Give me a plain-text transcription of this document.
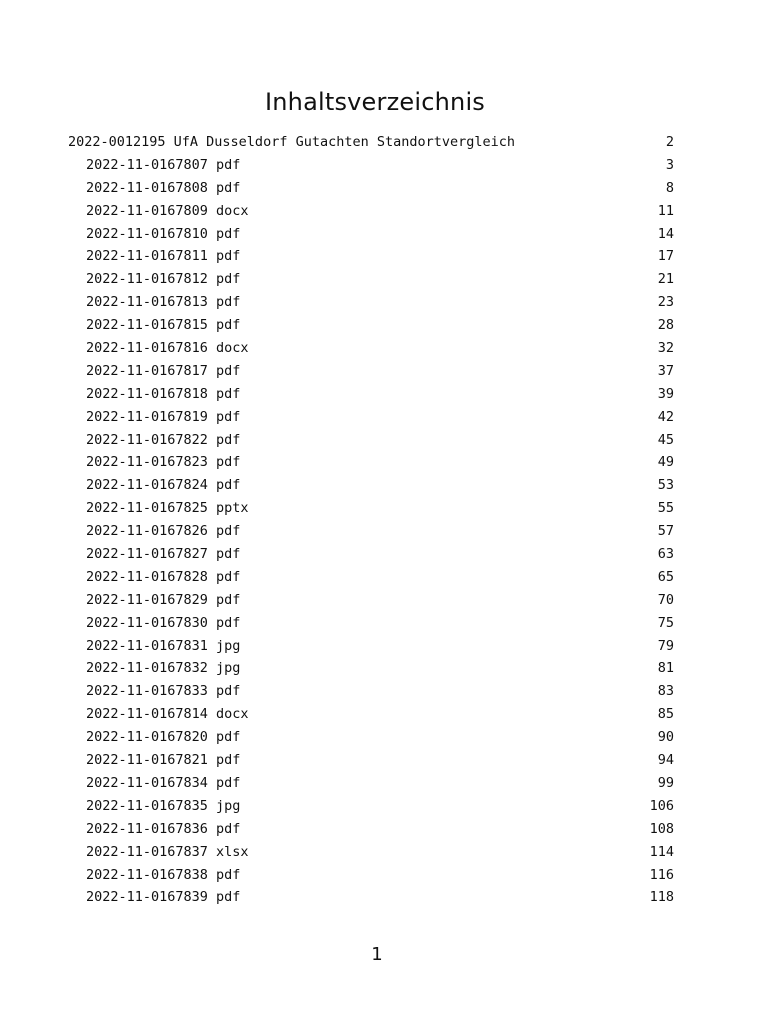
Inhaltsverzeichnis
2022-0012195 UfA Dusseldorf Gutachten Standortvergleich	2
2022-11-0167807 pdf	3
2022-11-0167808 pdf	8
2022-11-0167809 docx	11
2022-11-0167810 pdf	14
2022-11-0167811 pdf	17
2022-11-0167812 pdf	21
2022-11-0167813 pdf	23
2022-11-0167815 pdf	28
2022-11-0167816 docx	32
2022-11-0167817 pdf	37
2022-11-0167818 pdf	39
2022-11-0167819 pdf	42
2022-11-0167822 pdf	45
2022-11-0167823 pdf	49
2022-11-0167824 pdf	53
2022-11-0167825 pptx	55
2022-11-0167826 pdf	57
2022-11-0167827 pdf	63
2022-11-0167828 pdf	65
2022-11-0167829 pdf	70
2022-11-0167830 pdf	75
2022-11-0167831 jpg	79
2022-11-0167832 jpg	81
2022-11-0167833 pdf	83
2022-11-0167814 docx	85
2022-11-0167820 pdf	90
2022-11-0167821 pdf	94
2022-11-0167834 pdf	99
2022-11-0167835 jpg	106
2022-11-0167836 pdf	108
2022-11-0167837 xlsx	114
2022-11-0167838 pdf	116
2022-11-0167839 pdf	118
1
